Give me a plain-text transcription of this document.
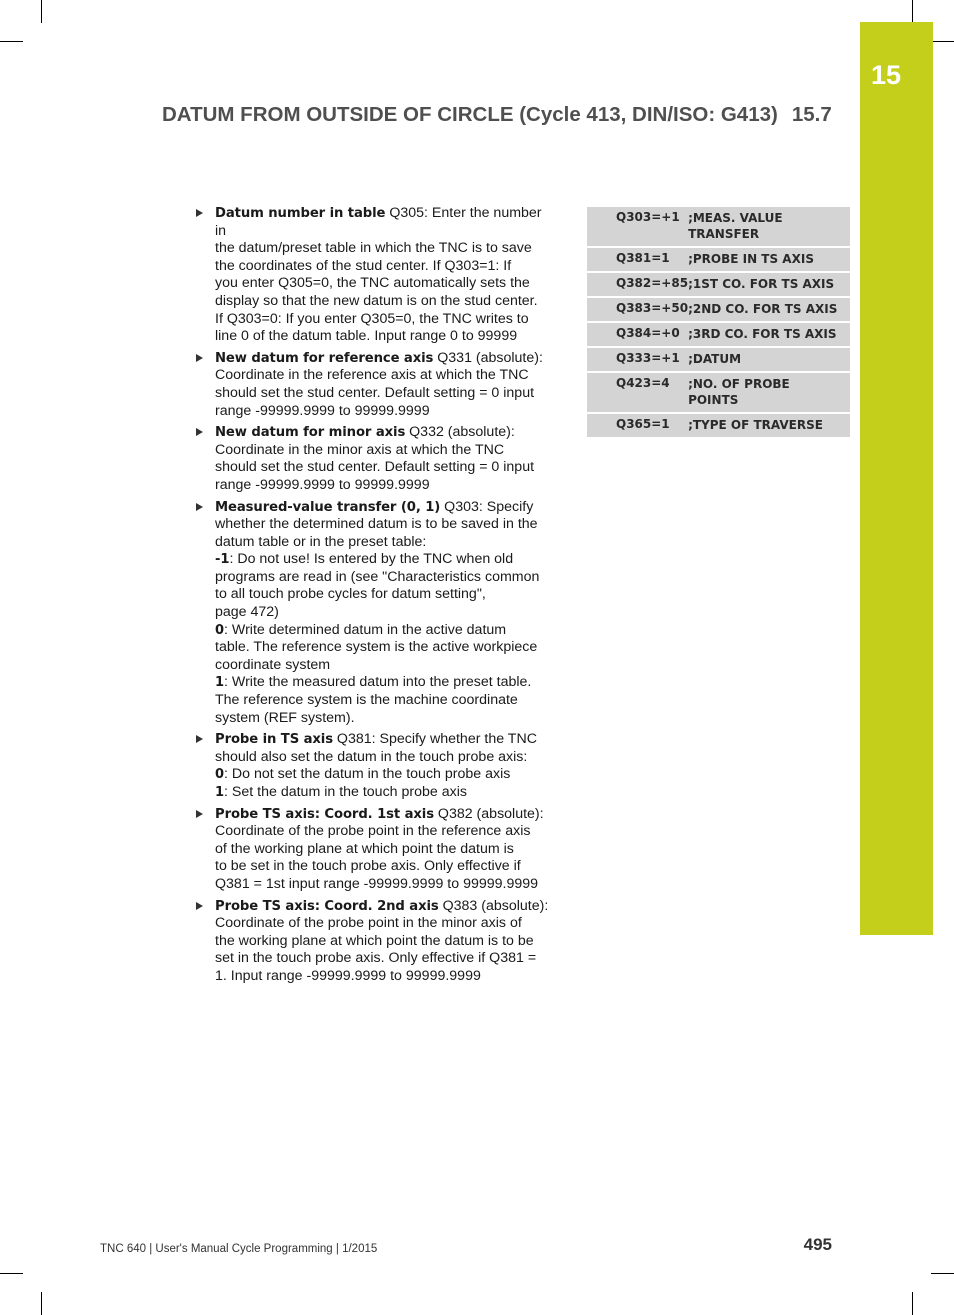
15
DATUM FROM OUTSIDE OF CIRCLE (Cycle 413, DIN/ISO: G413) 15.7
Datum number in table Q305: Enter the number in
the datum/preset table in which the TNC is to save
the coordinates of the stud center. If Q303=1: If
you enter Q305=0, the TNC automatically sets the
display so that the new datum is on the stud center.
If Q303=0: If you enter Q305=0, the TNC writes to
line 0 of the datum table. Input range 0 to 99999
New datum for reference axis Q331 (absolute):
Coordinate in the reference axis at which the TNC
should set the stud center. Default setting = 0 input
range -99999.9999 to 99999.9999
New datum for minor axis Q332 (absolute):
Coordinate in the minor axis at which the TNC
should set the stud center. Default setting = 0 input
range -99999.9999 to 99999.9999
Measured-value transfer (0, 1) Q303: Specify
whether the determined datum is to be saved in the
datum table or in the preset table:
-1: Do not use! Is entered by the TNC when old
programs are read in (see "Characteristics common
to all touch probe cycles for datum setting",
page 472)
0: Write determined datum in the active datum
table. The reference system is the active workpiece
coordinate system
1: Write the measured datum into the preset table.
The reference system is the machine coordinate
system (REF system).
Probe in TS axis Q381: Specify whether the TNC
should also set the datum in the touch probe axis:
0: Do not set the datum in the touch probe axis
1: Set the datum in the touch probe axis
Probe TS axis: Coord. 1st axis Q382 (absolute):
Coordinate of the probe point in the reference axis
of the working plane at which point the datum is
to be set in the touch probe axis. Only effective if
Q381 = 1st input range -99999.9999 to 99999.9999
Probe TS axis: Coord. 2nd axis Q383 (absolute):
Coordinate of the probe point in the minor axis of
the working plane at which point the datum is to be
set in the touch probe axis. Only effective if Q381 =
1. Input range -99999.9999 to 99999.9999
Q303=+1	;MEAS. VALUE
TRANSFER
Q381=1	;PROBE IN TS AXIS
Q382=+85	;1ST CO. FOR TS AXIS
Q383=+50	;2ND CO. FOR TS AXIS
Q384=+0	;3RD CO. FOR TS AXIS
Q333=+1	;DATUM
Q423=4	;NO. OF PROBE POINTS
Q365=1	;TYPE OF TRAVERSE
TNC 640 | User's Manual Cycle Programming | 1/2015	495
